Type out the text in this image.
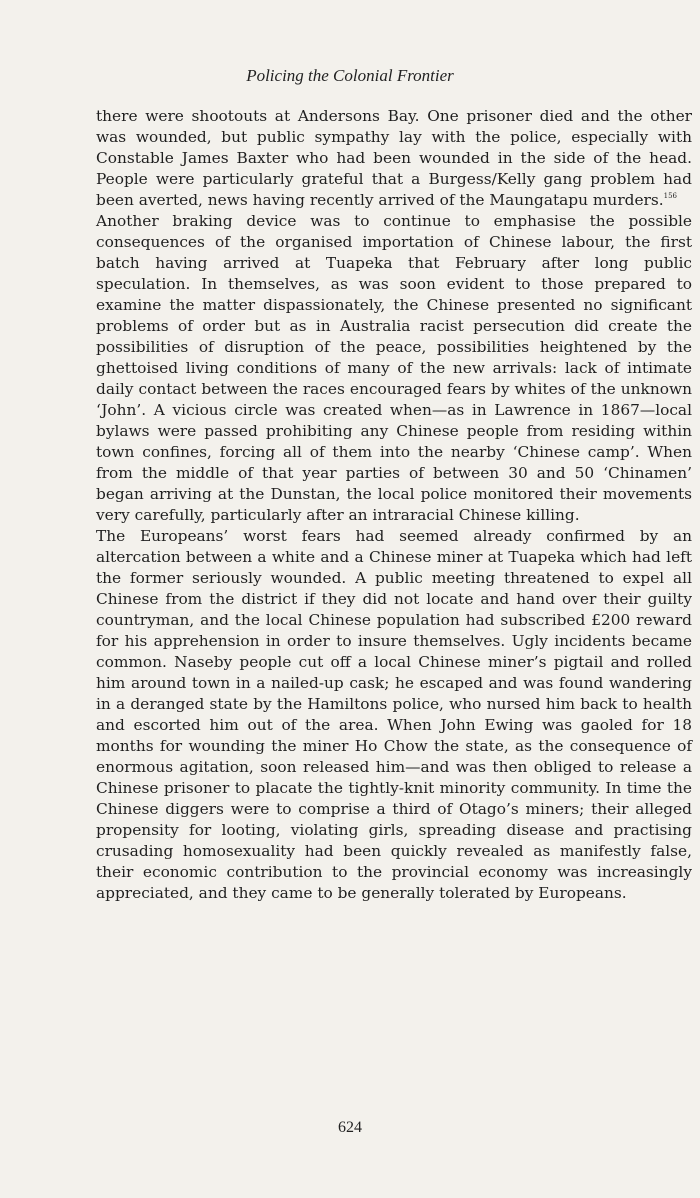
Policing the Colonial Frontier

there were shootouts at Andersons Bay. One prisoner died and the other was wounded, but public sympathy lay with the police, especially with Constable James Baxter who had been wounded in the side of the head. People were particularly grateful that a Burgess/Kelly gang problem had been averted, news having recently arrived of the Maungatapu murders.$^{156}$

Another braking device was to continue to emphasise the possible consequences of the organised importation of Chinese labour, the first batch having arrived at Tuapeka that February after long public speculation. In themselves, as was soon evident to those prepared to examine the matter dispassionately, the Chinese presented no significant problems of order but as in Australia racist persecution did create the possibilities of disruption of the peace, possibilities heightened by the ghettoised living conditions of many of the new arrivals: lack of intimate daily contact between the races encouraged fears by whites of the unknown ‘John’. A vicious circle was created when—as in Lawrence in 1867—local bylaws were passed prohibiting any Chinese people from residing within town confines, forcing all of them into the nearby ‘Chinese camp’. When from the middle of that year parties of between 30 and 50 ‘Chinamen’ began arriving at the Dunstan, the local police monitored their movements very carefully, particularly after an intraracial Chinese killing.

The Europeans’ worst fears had seemed already confirmed by an altercation between a white and a Chinese miner at Tuapeka which had left the former seriously wounded. A public meeting threatened to expel all Chinese from the district if they did not locate and hand over their guilty countryman, and the local Chinese population had subscribed £200 reward for his apprehension in order to insure themselves. Ugly incidents became common. Naseby people cut off a local Chinese miner’s pigtail and rolled him around town in a nailed-up cask; he escaped and was found wandering in a deranged state by the Hamiltons police, who nursed him back to health and escorted him out of the area. When John Ewing was gaoled for 18 months for wounding the miner Ho Chow the state, as the consequence of enormous agitation, soon released him—and was then obliged to release a Chinese prisoner to placate the tightly-knit minority community. In time the Chinese diggers were to comprise a third of Otago’s miners; their alleged propensity for looting, violating girls, spreading disease and practising crusading homosexuality had been quickly revealed as manifestly false, their economic contribution to the provincial economy was increasingly appreciated, and they came to be generally tolerated by Europeans.

624
